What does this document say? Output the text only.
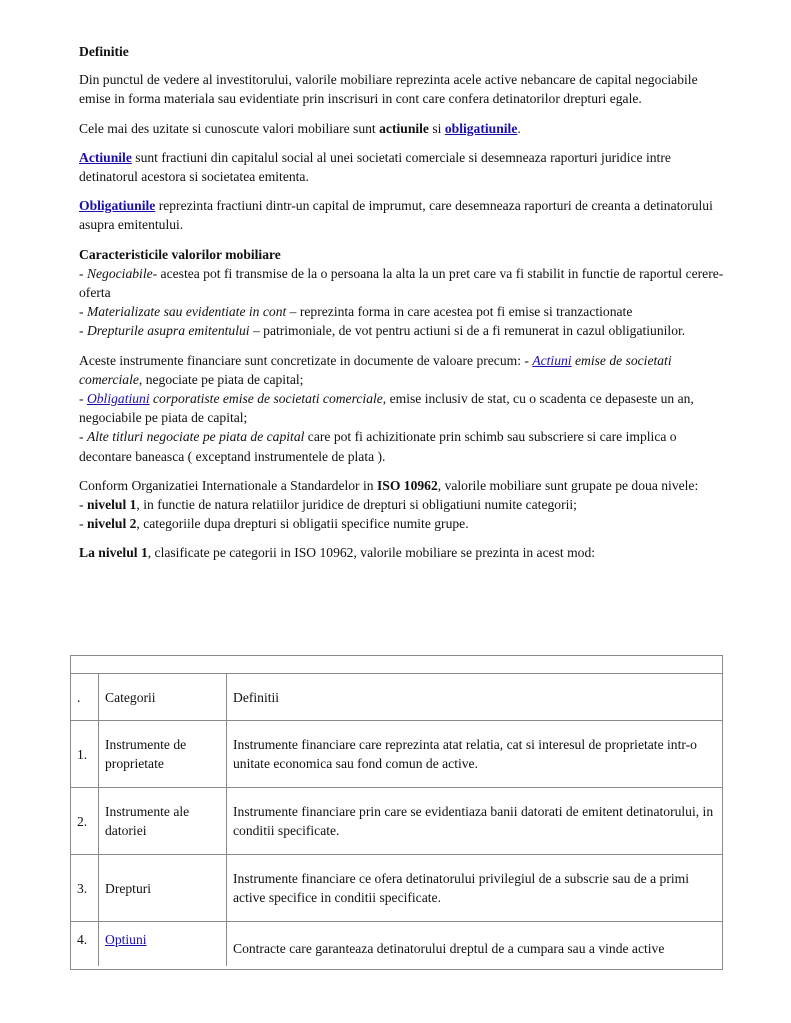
Definitie

Din punctul de vedere al investitorului, valorile mobiliare reprezinta acele active nebancare de capital negociabile emise in forma materiala sau evidentiate prin inscrisuri in cont care confera detinatorilor drepturi egale.

Cele mai des uzitate si cunoscute valori mobiliare sunt actiunile si obligatiunile.

Actiunile sunt fractiuni din capitalul social al unei societati comerciale si desemneaza raporturi juridice intre detinatorul acestora si societatea emitenta.

Obligatiunile reprezinta fractiuni dintr-un capital de imprumut, care desemneaza raporturi de creanta a detinatorului asupra emitentului.

Caracteristicile valorilor mobiliare
- Negociabile- acestea pot fi transmise de la o persoana la alta la un pret care va fi stabilit in functie de raportul cerere-oferta
- Materializate sau evidentiate in cont – reprezinta forma in care acestea pot fi emise si tranzactionate
- Drepturile asupra emitentului – patrimoniale, de vot pentru actiuni si de a fi remunerat in cazul obligatiunilor.

Aceste instrumente financiare sunt concretizate in documente de valoare precum: - Actiuni emise de societati comerciale, negociate pe piata de capital;
- Obligatiuni corporatiste emise de societati comerciale, emise inclusiv de stat, cu o scadenta ce depaseste un an, negociabile pe piata de capital;
- Alte titluri negociate pe piata de capital care pot fi achizitionate prin schimb sau subscriere si care implica o decontare baneasca ( exceptand instrumentele de plata ).

Conform Organizatiei Internationale a Standardelor in ISO 10962, valorile mobiliare sunt grupate pe doua nivele:
- nivelul 1, in functie de natura relatiilor juridice de drepturi si obligatiuni numite categorii;
- nivelul 2, categoriile dupa drepturi si obligatii specifice numite grupe.

La nivelul 1, clasificate pe categorii in ISO 10962, valorile mobiliare se prezinta in acest mod:

.	Categorii	Definitii
1.	Instrumente de proprietate	Instrumente financiare care reprezinta atat relatia, cat si interesul de proprietate intr-o unitate economica sau fond comun de active.
2.	Instrumente ale datoriei	Instrumente financiare prin care se evidentiaza banii datorati de emitent detinatorului, in conditii specificate.
3.	Drepturi	Instrumente financiare ce ofera detinatorului privilegiul de a subscrie sau de a primi active specifice in conditii specificate.
4.	Optiuni	Contracte care garanteaza detinatorului dreptul de a cumpara sau a vinde active
